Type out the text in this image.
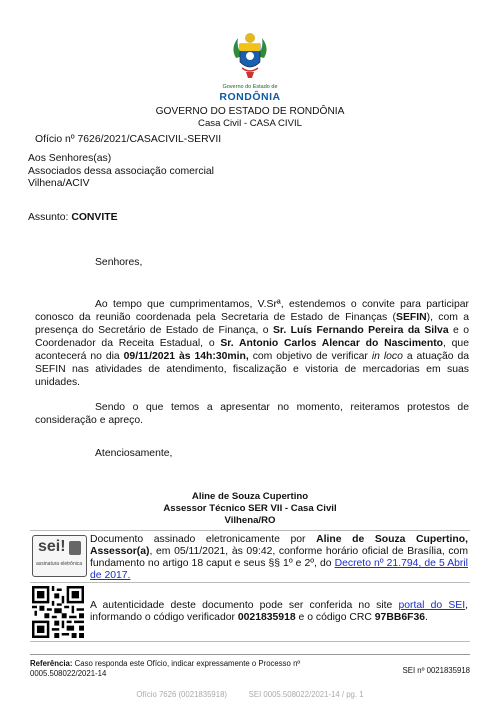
Governo do Estado de
RONDÔNIA
GOVERNO DO ESTADO DE RONDÔNIA
Casa Civil - CASA CIVIL
Ofício nº 7626/2021/CASACIVIL-SERVII
Aos Senhores(as)
Associados dessa associação comercial
Vilhena/ACIV
Assunto: CONVITE
Senhores,

Ao tempo que cumprimentamos, V.Srª, estendemos o convite para participar conosco da reunião coordenada pela Secretaria de Estado de Finanças (SEFIN), com a presença do Secretário de Estado de Finança, o Sr. Luís Fernando Pereira da Silva e o Coordenador da Receita Estadual, o Sr. Antonio Carlos Alencar do Nascimento, que acontecerá no dia 09/11/2021 às 14h:30min, com objetivo de verificar in loco a atuação da SEFIN nas atividades de atendimento, fiscalização e vistoria de mercadorias em suas unidades.

Sendo o que temos a apresentar no momento, reiteramos protestos de consideração e apreço.

Atenciosamente,
Aline de Souza Cupertino
Assessor Técnico SER VII - Casa Civil
Vilhena/RO
sei!
assinatura eletrônica

Documento assinado eletronicamente por Aline de Souza Cupertino, Assessor(a), em 05/11/2021, às 09:42, conforme horário oficial de Brasília, com fundamento no artigo 18 caput e seus §§ 1º e 2º, do Decreto nº 21.794, de 5 Abril de 2017.

A autenticidade deste documento pode ser conferida no site portal do SEI, informando o código verificador 0021835918 e o código CRC 97BB6F36.

Referência: Caso responda este Ofício, indicar expressamente o Processo nº 0005.508022/2021-14	SEI nº 0021835918
Ofício 7626 (0021835918)          SEI 0005.508022/2021-14 / pg. 1
